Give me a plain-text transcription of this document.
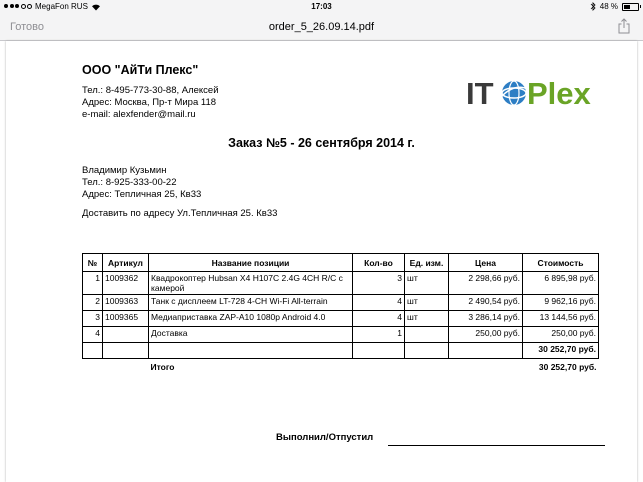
MegaFon RUS	17:03	48 %
Готово	order_5_26.09.14.pdf
ООО "АйТи Плекс"
Тел.: 8-495-773-30-88, Алексей
Адрес: Москва, Пр-т Мира 118
e-mail: alexfender@mail.ru
IT Plex
Заказ №5 - 26 сентября 2014 г.
Владимир Кузьмин
Тел.: 8-925-333-00-22
Адрес: Тепличная 25, Кв33
Доставить по адресу Ул.Тепличная 25. Кв33
№	Артикул	Название позиции	Кол-во	Ед. изм.	Цена	Стоимость
1	1009362	Квадрокоптер Hubsan X4 H107C 2.4G 4CH R/C с камерой	3	шт	2 298,66 руб.	6 895,98 руб.
2	1009363	Танк с дисплеем LT-728 4-CH Wi-Fi All-terrain	4	шт	2 490,54 руб.	9 962,16 руб.
3	1009365	Медиаприставка ZAP-A10 1080p Android 4.0	4	шт	3 286,14 руб.	13 144,56 руб.
4		Доставка	1		250,00 руб.	250,00 руб.
						30 252,70 руб.
		Итого				30 252,70 руб.
Выполнил/Отпустил
